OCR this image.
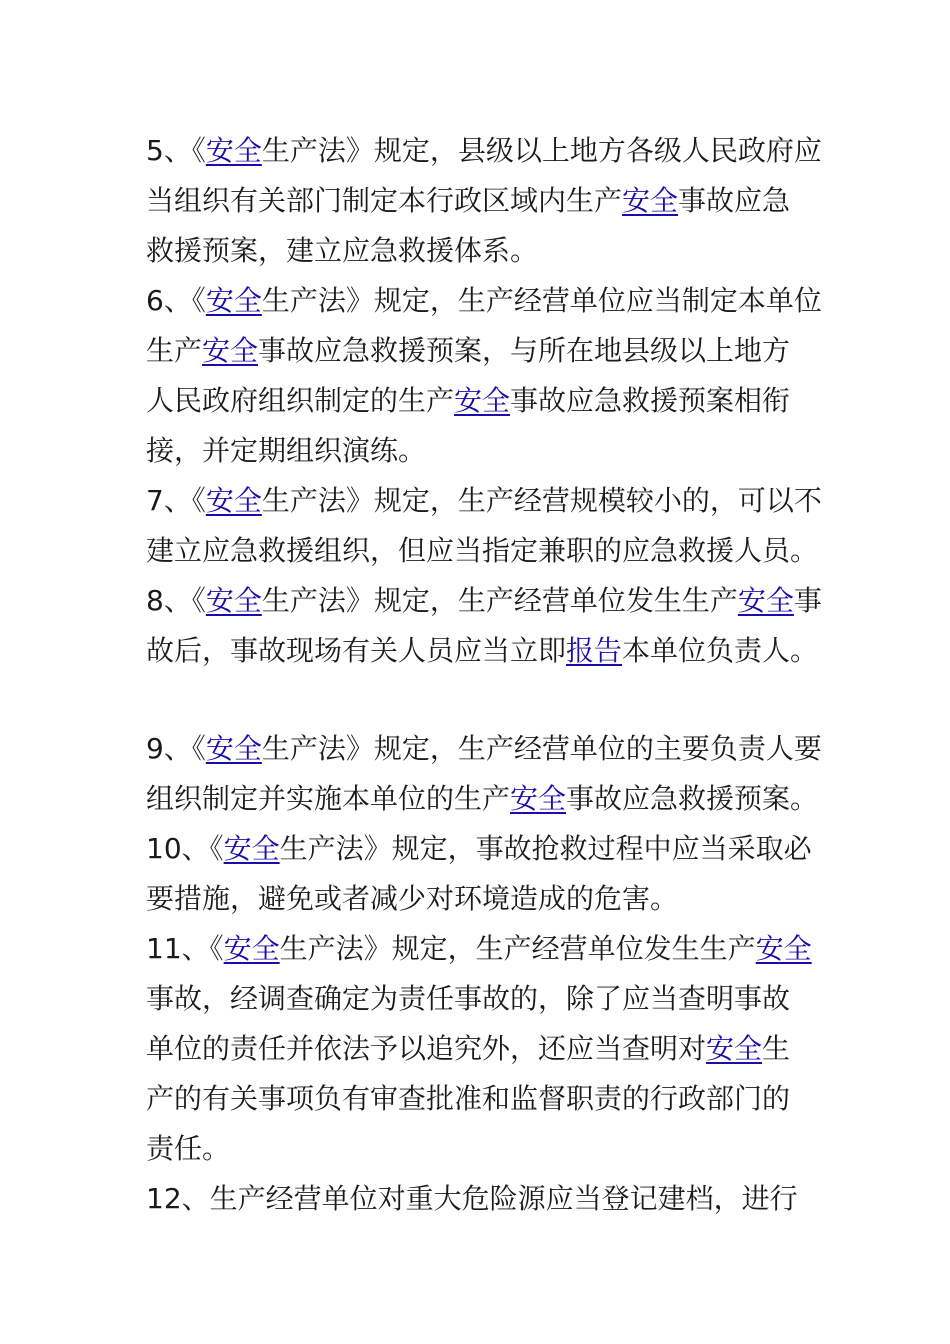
5、《安全生产法》规定，县级以上地方各级人民政府应
当组织有关部门制定本行政区域内生产安全事故应急
救援预案，建立应急救援体系。
6、《安全生产法》规定，生产经营单位应当制定本单位
生产安全事故应急救援预案，与所在地县级以上地方
人民政府组织制定的生产安全事故应急救援预案相衔
接，并定期组织演练。
7、《安全生产法》规定，生产经营规模较小的，可以不
建立应急救援组织，但应当指定兼职的应急救援人员。
8、《安全生产法》规定，生产经营单位发生生产安全事
故后，事故现场有关人员应当立即报告本单位负责人。
9、《安全生产法》规定，生产经营单位的主要负责人要
组织制定并实施本单位的生产安全事故应急救援预案。
10、《安全生产法》规定，事故抢救过程中应当采取必
要措施，避免或者减少对环境造成的危害。
11、《安全生产法》规定，生产经营单位发生生产安全
事故，经调查确定为责任事故的，除了应当查明事故
单位的责任并依法予以追究外，还应当查明对安全生
产的有关事项负有审查批准和监督职责的行政部门的
责任。
12、生产经营单位对重大危险源应当登记建档，进行
